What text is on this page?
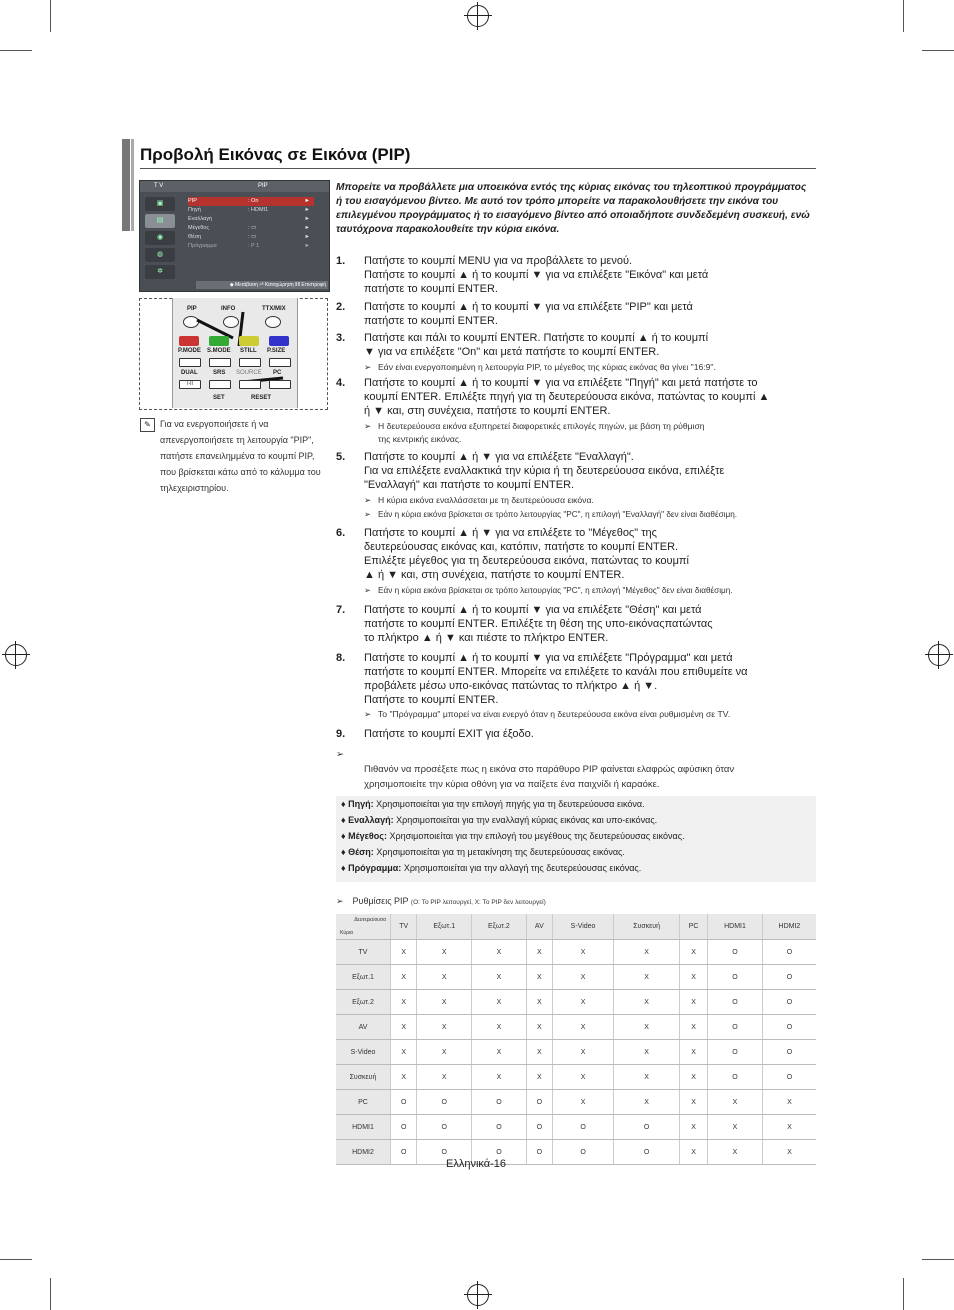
Προβολή Εικόνας σε Εικόνα (PIP)
T V	PIP
▣
▤
◉
◍
✲
PIP	: On	►
Πηγή	: HDMI1	►
Εναλλαγή	►
Μέγεθος	: ▭	►
Θέση	: ▭	►
Πρόγραμμα	: P 1	►
◆ Μετάβαση ⏎ Καταχώρηση ⅡⅡ Επιστροφή
PIP	INFO	TTX/MIX
P.MODE S.MODE STILL P.SIZE
DUAL	SRS SOURCE PC
I-II
SET	RESET
✎	Για να ενεργοποιήσετε ή να απενεργοποιήσετε τη λειτουργία "PIP", πατήστε επανειλημμένα το κουμπί PIP, που βρίσκεται κάτω από το κάλυμμα του τηλεχειριστηρίου.
Μπορείτε να προβάλλετε μια υποεικόνα εντός της κύριας εικόνας του τηλεοπτικού προγράμματος ή του εισαγόμενου βίντεο. Με αυτό τον τρόπο μπορείτε να παρακολουθήσετε την εικόνα του επιλεγμένου προγράμματος ή το εισαγόμενο βίντεο από οποιαδήποτε συνδεδεμένη συσκευή, ενώ ταυτόχρονα παρακολουθείτε την κύρια εικόνα.
1. Πατήστε το κουμπί MENU για να προβάλλετε το μενού.
Πατήστε το κουμπί ▲ ή το κουμπί ▼ για να επιλέξετε "Εικόνα" και μετά
πατήστε το κουμπί ENTER.
2. Πατήστε το κουμπί ▲ ή το κουμπί ▼ για να επιλέξετε "PIP" και μετά
πατήστε το κουμπί ENTER.
3. Πατήστε και πάλι το κουμπί ENTER. Πατήστε το κουμπί ▲ ή το κουμπί
▼ για να επιλέξετε "On" και μετά πατήστε το κουμπί ENTER.
➢ Εάν είναι ενεργοποιημένη η λειτουργία PIP, το μέγεθος της κύριας εικόνας θα γίνει "16:9".
4. Πατήστε το κουμπί ▲ ή το κουμπί ▼ για να επιλέξετε "Πηγή" και μετά πατήστε το
κουμπί ENTER. Επιλέξτε πηγή για τη δευτερεύουσα εικόνα, πατώντας το κουμπί ▲
ή ▼ και, στη συνέχεια, πατήστε το κουμπί ENTER.
➢ Η δευτερεύουσα εικόνα εξυπηρετεί διαφορετικές επιλογές πηγών, με βάση τη ρύθμιση
της κεντρικής εικόνας.
5. Πατήστε το κουμπί ▲ ή ▼ για να επιλέξετε "Εναλλαγή".
Για να επιλέξετε εναλλακτικά την κύρια ή τη δευτερεύουσα εικόνα, επιλέξτε
"Εναλλαγή" και πατήστε το κουμπί ENTER.
➢ Η κύρια εικόνα εναλλάσσεται με τη δευτερεύουσα εικόνα.
➢ Εάν η κύρια εικόνα βρίσκεται σε τρόπο λειτουργίας "PC", η επιλογή "Εναλλαγή" δεν είναι διαθέσιμη.
6. Πατήστε το κουμπί ▲ ή ▼ για να επιλέξετε το "Μέγεθος" της
δευτερεύουσας εικόνας και, κατόπιν, πατήστε το κουμπί ENTER.
Επιλέξτε μέγεθος για τη δευτερεύουσα εικόνα, πατώντας το κουμπί
▲ ή ▼ και, στη συνέχεια, πατήστε το κουμπί ENTER.
➢ Εάν η κύρια εικόνα βρίσκεται σε τρόπο λειτουργίας "PC", η επιλογή "Μέγεθος" δεν είναι διαθέσιμη.
7. Πατήστε το κουμπί ▲ ή το κουμπί ▼ για να επιλέξετε "Θέση" και μετά
πατήστε το κουμπί ENTER. Επιλέξτε τη θέση της υπο-εικόναςπατώντας
το πλήκτρο ▲ ή ▼ και πιέστε το πλήκτρο ENTER.
8. Πατήστε το κουμπί ▲ ή το κουμπί ▼ για να επιλέξετε "Πρόγραμμα" και μετά
πατήστε το κουμπί ENTER. Μπορείτε να επιλέξετε το κανάλι που επιθυμείτε να
προβάλετε μέσω υπο-εικόνας πατώντας το πλήκτρο ▲ ή ▼.
Πατήστε το κουμπί ENTER.
➢ Το "Πρόγραμμα" μπορεί να είναι ενεργό όταν η δευτερεύουσα εικόνα είναι ρυθμισμένη σε TV.
9. Πατήστε το κουμπί EXIT για έξοδο.
➢
Πιθανόν να προσέξετε πως η εικόνα στο παράθυρο PIP φαίνεται ελαφρώς αφύσικη όταν
χρησιμοποιείτε την κύρια οθόνη για να παίξετε ένα παιχνίδι ή καραόκε.
♦ Πηγή: Χρησιμοποιείται για την επιλογή πηγής για τη δευτερεύουσα εικόνα.
♦ Εναλλαγή: Χρησιμοποιείται για την εναλλαγή κύριας εικόνας και υπο-εικόνας.
♦ Μέγεθος: Χρησιμοποιείται για την επιλογή του μεγέθους της δευτερεύουσας εικόνας.
♦ Θέση: Χρησιμοποιείται για τη μετακίνηση της δευτερεύουσας εικόνας.
♦ Πρόγραμμα: Χρησιμοποιείται για την αλλαγή της δευτερεύουσας εικόνας.
➢ Ρυθμίσεις PIP (O: Το PIP λειτουργεί, X: Το PIP δεν λειτουργεί)
Δευτερεύουσα
Κύρια	TV	Εξωτ.1	Εξωτ.2	AV	S-Video	Συσκευή	PC	HDMI1	HDMI2
TV	X	X	X	X	X	X	X	O	O
Εξωτ.1	X	X	X	X	X	X	X	O	O
Εξωτ.2	X	X	X	X	X	X	X	O	O
AV	X	X	X	X	X	X	X	O	O
S-Video	X	X	X	X	X	X	X	O	O
Συσκευή	X	X	X	X	X	X	X	O	O
PC	O	O	O	O	X	X	X	X	X
HDMI1	O	O	O	O	O	O	X	X	X
HDMI2	O	O	O	O	O	O	X	X	X
Ελληνικά-16
